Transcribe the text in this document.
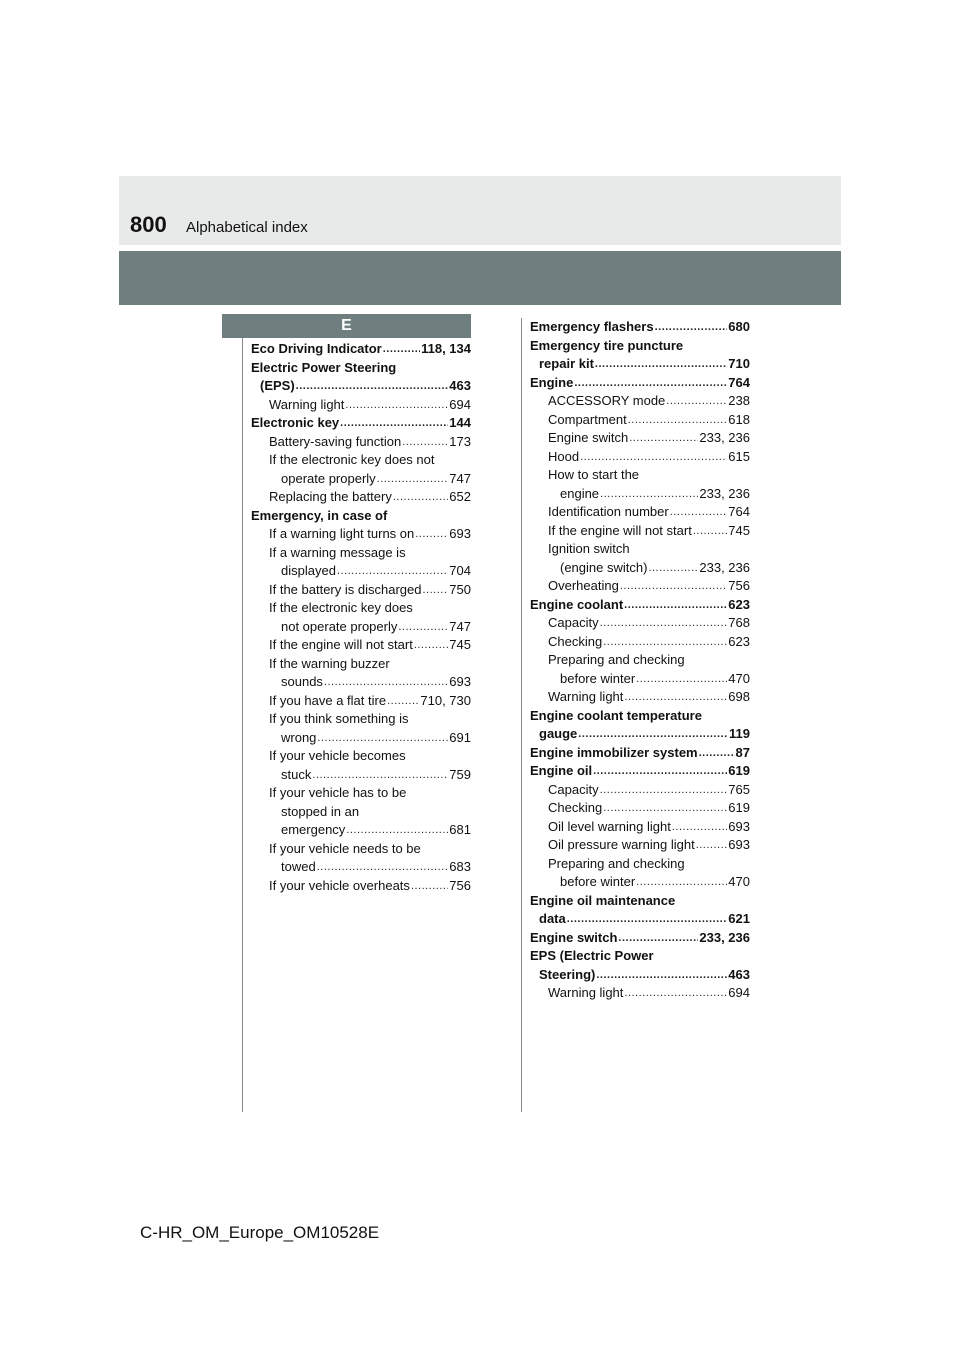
800 Alphabetical index
E
Eco Driving Indicator .....	118, 134
Electric Power Steering
(EPS) .....	463
Warning light .....	694
Electronic key .....	144
Battery-saving function .....	173
If the electronic key does not
operate properly .....	747
Replacing the battery .....	652
Emergency, in case of
If a warning light turns on .....	693
If a warning message is
displayed .....	704
If the battery is discharged ..... 750
If the electronic key does
not operate properly .....	747
If the engine will not start .....	745
If the warning buzzer
sounds .....	693
If you have a flat tire .....	710, 730
If you think something is
wrong .....	691
If your vehicle becomes
stuck .....	759
If your vehicle has to be
stopped in an
emergency .....	681
If your vehicle needs to be
towed .....	683
If your vehicle overheats .....	756
Emergency flashers .....	680
Emergency tire puncture
repair kit .....	710
Engine .....	764
ACCESSORY mode .....	238
Compartment .....	618
Engine switch .....	233, 236
Hood .....	615
How to start the
engine .....	233, 236
Identification number .....	764
If the engine will not start .....	745
Ignition switch
(engine switch) .....	233, 236
Overheating .....	756
Engine coolant .....	623
Capacity .....	768
Checking .....	623
Preparing and checking
before winter .....	470
Warning light .....	698
Engine coolant temperature
gauge .....	119
Engine immobilizer system .....	87
Engine oil .....	619
Capacity .....	765
Checking .....	619
Oil level warning light .....	693
Oil pressure warning light .....	693
Preparing and checking
before winter .....	470
Engine oil maintenance
data .....	621
Engine switch .....	233, 236
EPS (Electric Power
Steering) .....	463
Warning light .....	694
C-HR_OM_Europe_OM10528E
